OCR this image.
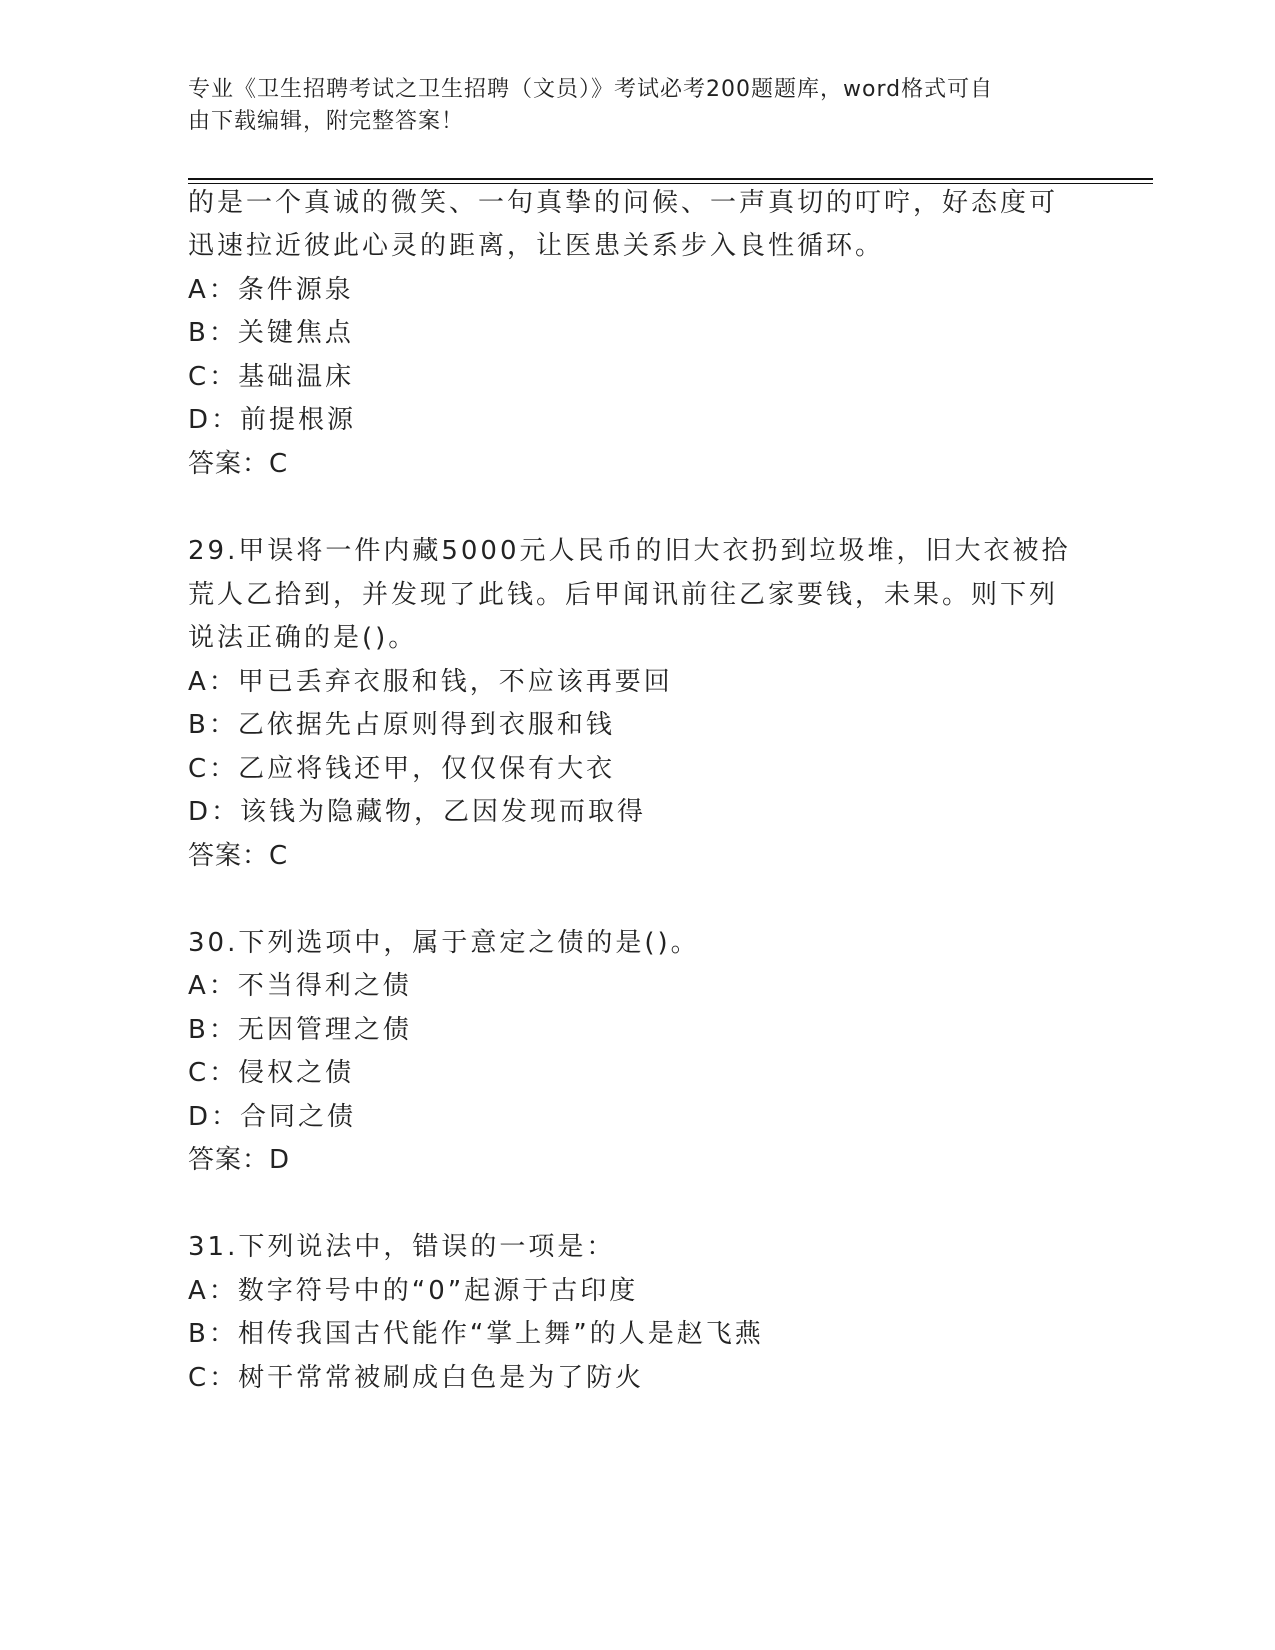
专业《卫生招聘考试之卫生招聘（文员）》考试必考200题题库，word格式可自
由下载编辑，附完整答案！
的是一个真诚的微笑、一句真挚的问候、一声真切的叮咛，好态度可
迅速拉近彼此心灵的距离，让医患关系步入良性循环。
A：条件源泉
B：关键焦点
C：基础温床
D：前提根源
答案：C
29.甲误将一件内藏5000元人民币的旧大衣扔到垃圾堆，旧大衣被拾
荒人乙拾到，并发现了此钱。后甲闻讯前往乙家要钱，未果。则下列
说法正确的是()。
A：甲已丢弃衣服和钱，不应该再要回
B：乙依据先占原则得到衣服和钱
C：乙应将钱还甲，仅仅保有大衣
D：该钱为隐藏物，乙因发现而取得
答案：C
30.下列选项中，属于意定之债的是()。
A：不当得利之债
B：无因管理之债
C：侵权之债
D：合同之债
答案：D
31.下列说法中，错误的一项是：
A：数字符号中的“0”起源于古印度
B：相传我国古代能作“掌上舞”的人是赵飞燕
C：树干常常被刷成白色是为了防火
